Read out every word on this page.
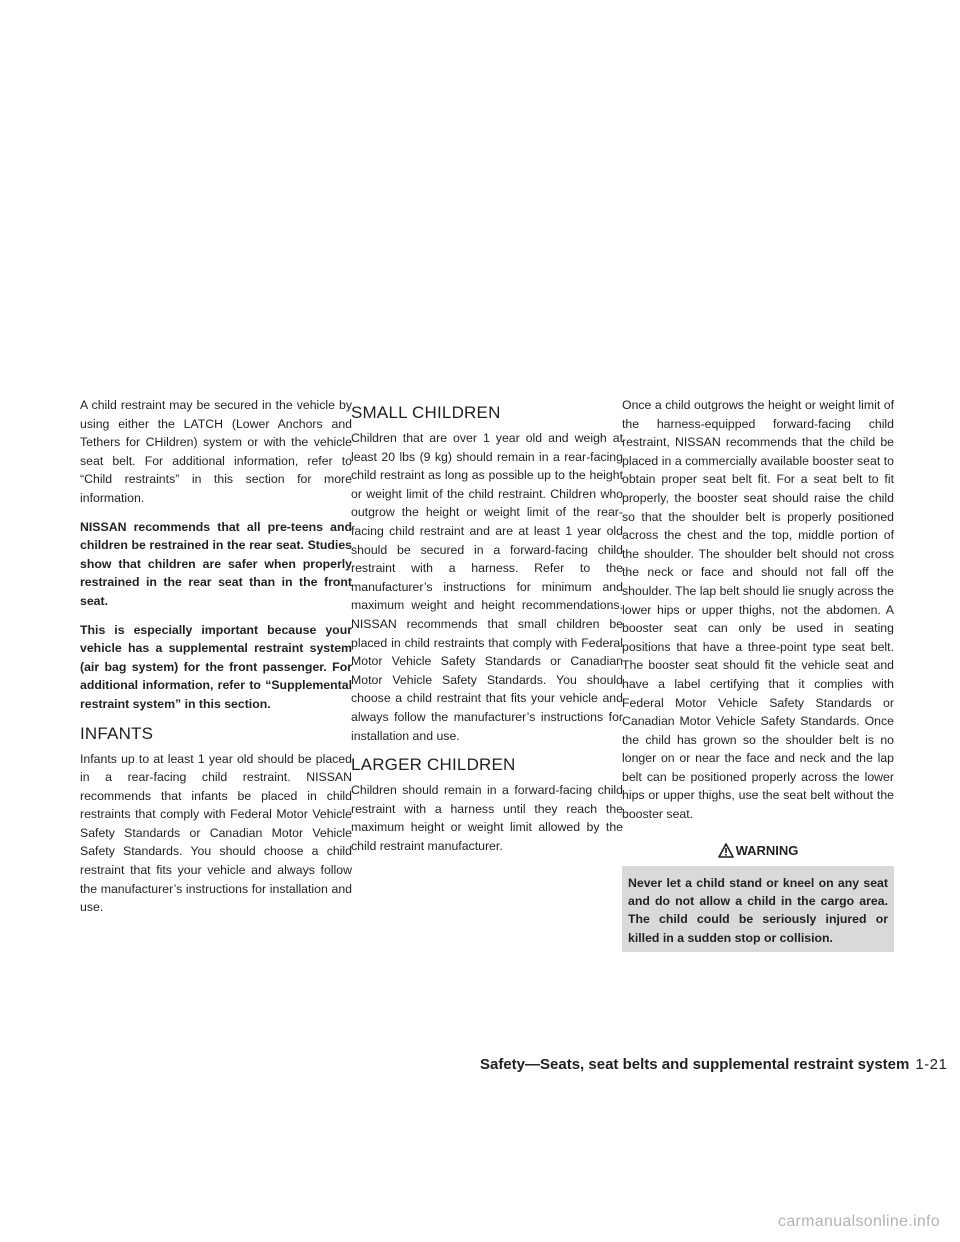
A child restraint may be secured in the vehicle by using either the LATCH (Lower Anchors and Tethers for CHildren) system or with the vehicle seat belt. For additional information, refer to “Child restraints” in this section for more information.

NISSAN recommends that all pre-teens and children be restrained in the rear seat. Studies show that children are safer when properly restrained in the rear seat than in the front seat.

This is especially important because your vehicle has a supplemental restraint system (air bag system) for the front passenger. For additional information, refer to “Supplemental restraint system” in this section.

INFANTS

Infants up to at least 1 year old should be placed in a rear-facing child restraint. NISSAN recommends that infants be placed in child restraints that comply with Federal Motor Vehicle Safety Standards or Canadian Motor Vehicle Safety Standards. You should choose a child restraint that fits your vehicle and always follow the manufacturer’s instructions for installation and use.

SMALL CHILDREN

Children that are over 1 year old and weigh at least 20 lbs (9 kg) should remain in a rear-facing child restraint as long as possible up to the height or weight limit of the child restraint. Children who outgrow the height or weight limit of the rear-facing child restraint and are at least 1 year old should be secured in a forward-facing child restraint with a harness. Refer to the manufacturer’s instructions for minimum and maximum weight and height recommendations. NISSAN recommends that small children be placed in child restraints that comply with Federal Motor Vehicle Safety Standards or Canadian Motor Vehicle Safety Standards. You should choose a child restraint that fits your vehicle and always follow the manufacturer’s instructions for installation and use.

LARGER CHILDREN

Children should remain in a forward-facing child restraint with a harness until they reach the maximum height or weight limit allowed by the child restraint manufacturer.

Once a child outgrows the height or weight limit of the harness-equipped forward-facing child restraint, NISSAN recommends that the child be placed in a commercially available booster seat to obtain proper seat belt fit. For a seat belt to fit properly, the booster seat should raise the child so that the shoulder belt is properly positioned across the chest and the top, middle portion of the shoulder. The shoulder belt should not cross the neck or face and should not fall off the shoulder. The lap belt should lie snugly across the lower hips or upper thighs, not the abdomen. A booster seat can only be used in seating positions that have a three-point type seat belt. The booster seat should fit the vehicle seat and have a label certifying that it complies with Federal Motor Vehicle Safety Standards or Canadian Motor Vehicle Safety Standards. Once the child has grown so the shoulder belt is no longer on or near the face and neck and the lap belt can be positioned properly across the lower hips or upper thighs, use the seat belt without the booster seat.

WARNING

Never let a child stand or kneel on any seat and do not allow a child in the cargo area. The child could be seriously injured or killed in a sudden stop or collision.

Safety—Seats, seat belts and supplemental restraint system 1-21
carmanualsonline.info
